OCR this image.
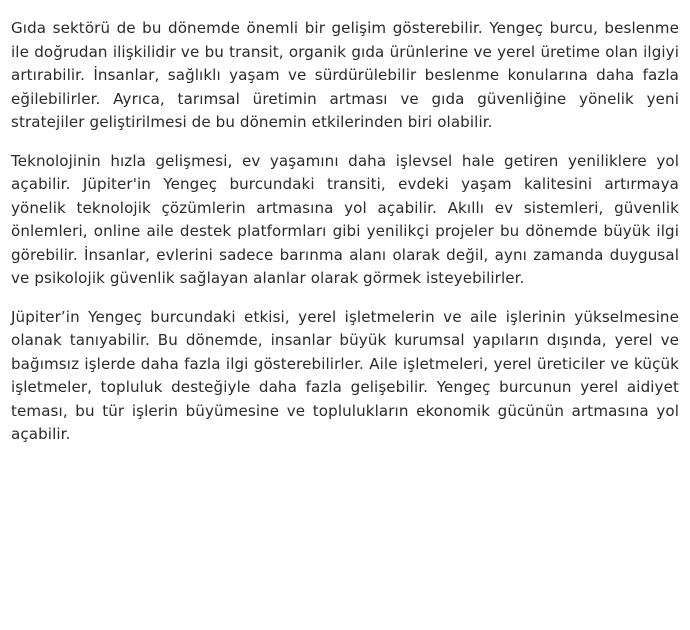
Gıda sektörü de bu dönemde önemli bir gelişim gösterebilir. Yengeç burcu, beslenme ile doğrudan ilişkilidir ve bu transit, organik gıda ürünlerine ve yerel üretime olan ilgiyi artırabilir. İnsanlar, sağlıklı yaşam ve sürdürülebilir beslenme konularına daha fazla eğilebilirler. Ayrıca, tarımsal üretimin artması ve gıda güvenliğine yönelik yeni stratejiler geliştirilmesi de bu dönemin etkilerinden biri olabilir.

Teknolojinin hızla gelişmesi, ev yaşamını daha işlevsel hale getiren yeniliklere yol açabilir. Jüpiter'in Yengeç burcundaki transiti, evdeki yaşam kalitesini artırmaya yönelik teknolojik çözümlerin artmasına yol açabilir. Akıllı ev sistemleri, güvenlik önlemleri, online aile destek platformları gibi yenilikçi projeler bu dönemde büyük ilgi görebilir. İnsanlar, evlerini sadece barınma alanı olarak değil, aynı zamanda duygusal ve psikolojik güvenlik sağlayan alanlar olarak görmek isteyebilirler.

Jüpiter’in Yengeç burcundaki etkisi, yerel işletmelerin ve aile işlerinin yükselmesine olanak tanıyabilir. Bu dönemde, insanlar büyük kurumsal yapıların dışında, yerel ve bağımsız işlerde daha fazla ilgi gösterebilirler. Aile işletmeleri, yerel üreticiler ve küçük işletmeler, topluluk desteğiyle daha fazla gelişebilir. Yengeç burcunun yerel aidiyet teması, bu tür işlerin büyümesine ve toplulukların ekonomik gücünün artmasına yol açabilir.
